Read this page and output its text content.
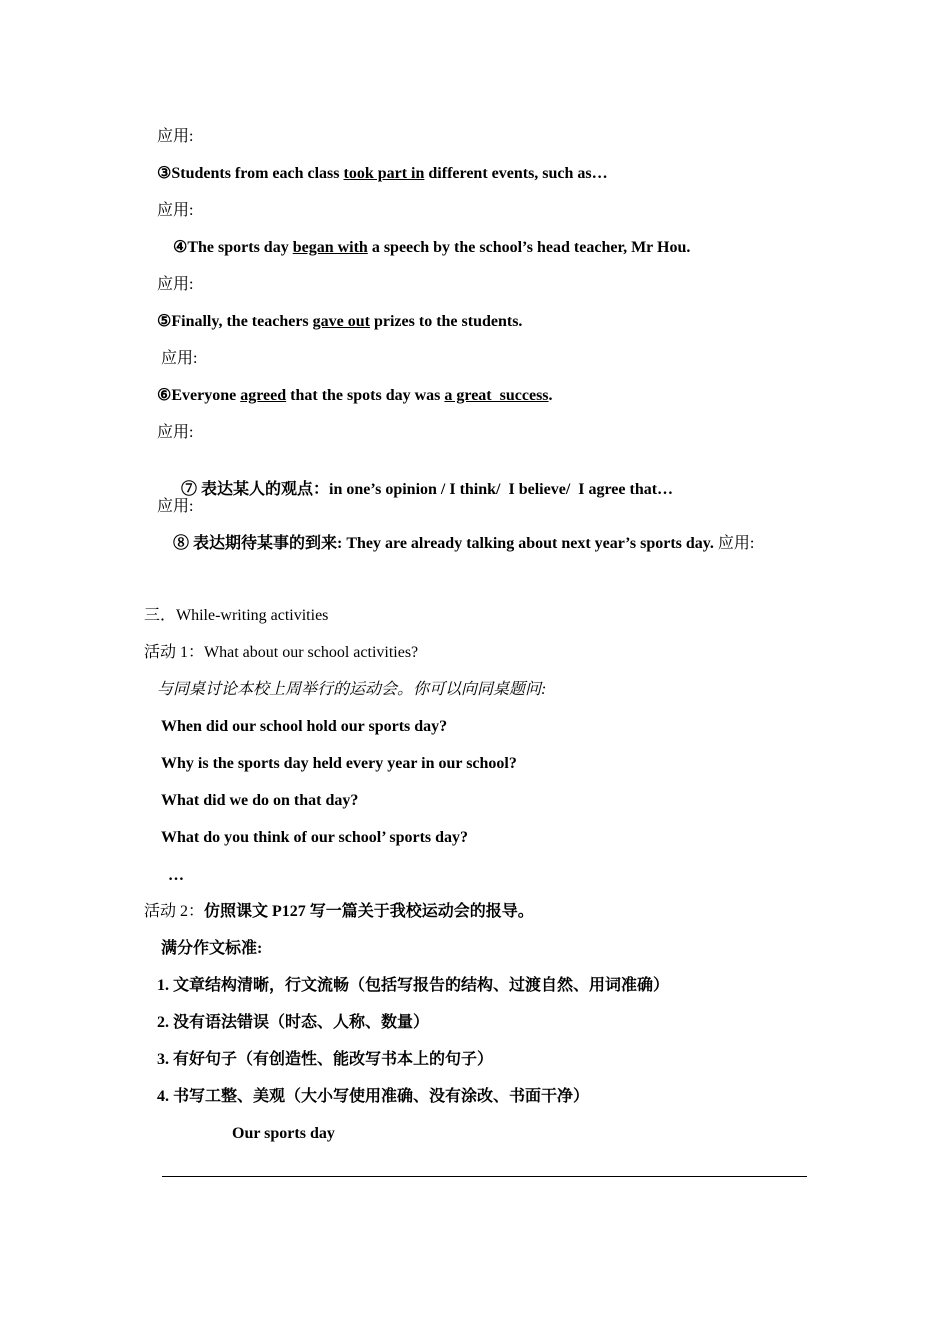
应用:
③Students from each class took part in different events, such as…
应用:
④The sports day began with a speech by the school’s head teacher, Mr Hou.
应用:
⑤Finally, the teachers gave out prizes to the students.
应用:
⑥Everyone agreed that the spots day was a great  success.
应用:

⑦ 表达某人的观点：in one’s opinion / I think/  I believe/  I agree that…

应用:
⑧ 表达期待某事的到来: They are already talking about next year’s sports day. 应用:
三．While-writing activities
活动 1：What about our school activities?
与同桌讨论本校上周举行的运动会。你可以向同桌题问:
When did our school hold our sports day?
Why is the sports day held every year in our school?
What did we do on that day?
What do you think of our school’ sports day?
…
活动 2：仿照课文 P127 写一篇关于我校运动会的报导。
满分作文标准:
1. 文章结构清晰，行文流畅（包括写报告的结构、过渡自然、用词准确）
2. 没有语法错误（时态、人称、数量）
3. 有好句子（有创造性、能改写书本上的句子）
4. 书写工整、美观（大小写使用准确、没有涂改、书面干净）
Our sports day
